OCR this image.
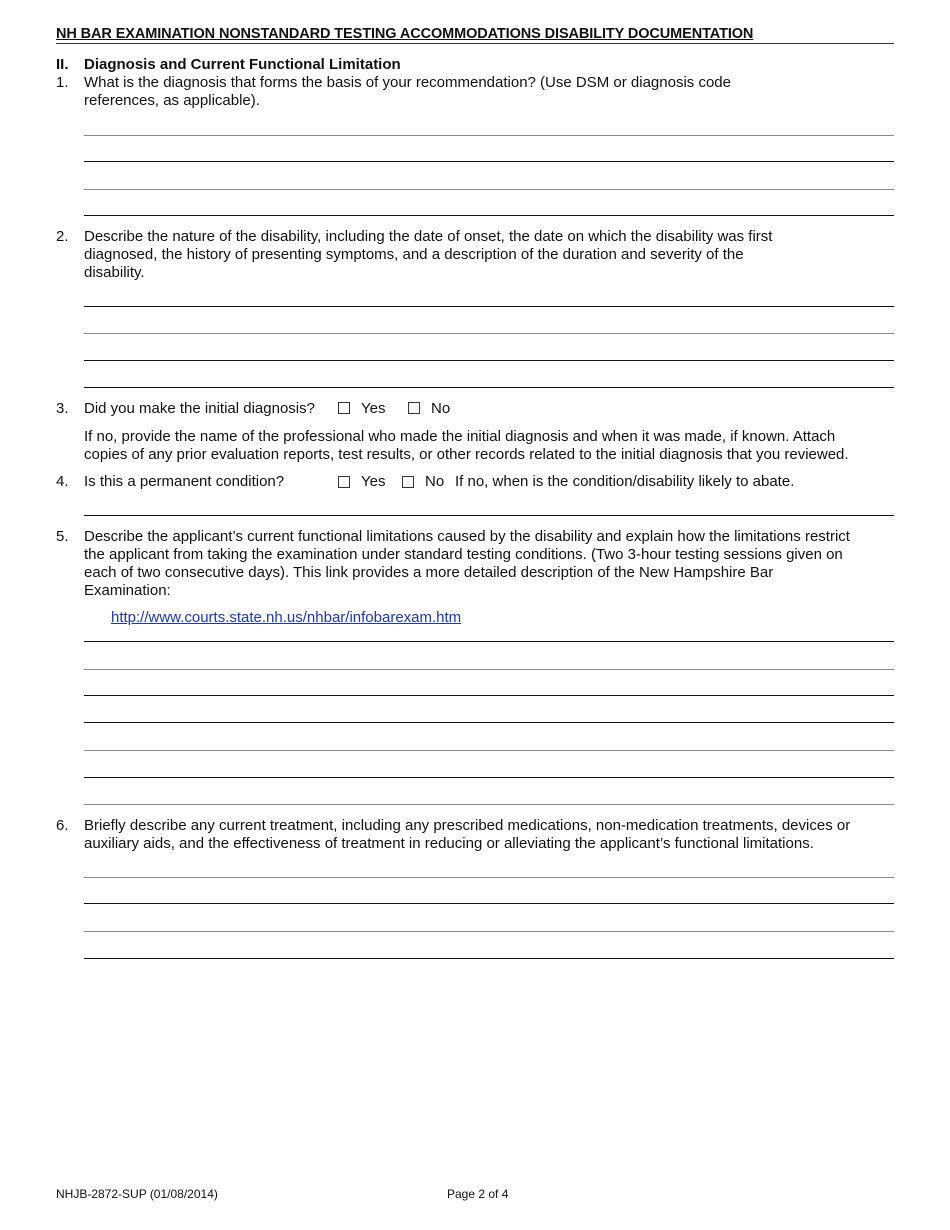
NH BAR EXAMINATION NONSTANDARD TESTING ACCOMMODATIONS DISABILITY DOCUMENTATION
II. Diagnosis and Current Functional Limitation
1. What is the diagnosis that forms the basis of your recommendation? (Use DSM or diagnosis code
references, as applicable).
2. Describe the nature of the disability, including the date of onset, the date on which the disability was first
diagnosed, the history of presenting symptoms, and a description of the duration and severity of the
disability.
3. Did you make the initial diagnosis?	Yes	No
If no, provide the name of the professional who made the initial diagnosis and when it was made, if known. Attach
copies of any prior evaluation reports, test results, or other records related to the initial diagnosis that you reviewed.
4. Is this a permanent condition?	Yes	No If no, when is the condition/disability likely to abate.
5. Describe the applicant’s current functional limitations caused by the disability and explain how the limitations restrict
the applicant from taking the examination under standard testing conditions. (Two 3-hour testing sessions given on
each of two consecutive days). This link provides a more detailed description of the New Hampshire Bar
Examination:
http://www.courts.state.nh.us/nhbar/infobarexam.htm
6. Briefly describe any current treatment, including any prescribed medications, non-medication treatments, devices or
auxiliary aids, and the effectiveness of treatment in reducing or alleviating the applicant’s functional limitations.
NHJB-2872-SUP (01/08/2014)	Page 2 of 4
